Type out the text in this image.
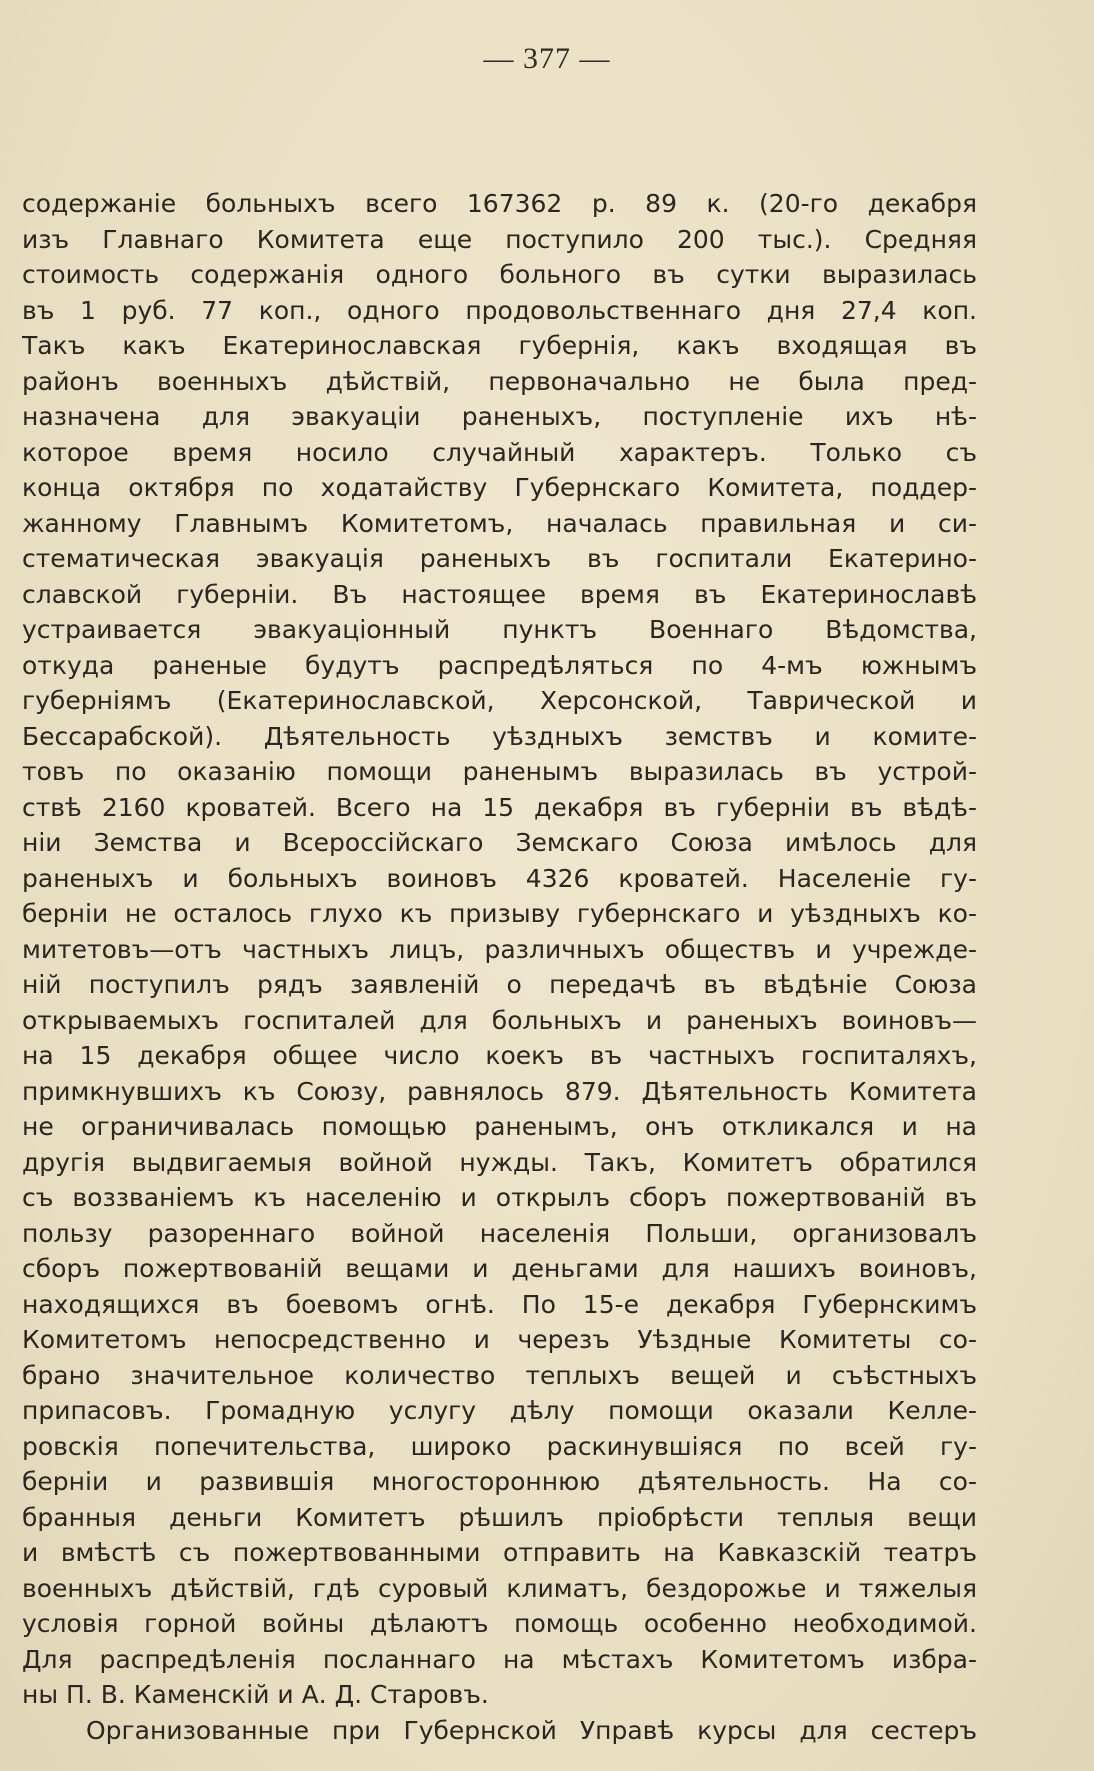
— 377 —
содержаніе больныхъ всего 167362 р. 89 к. (20-го декабря
изъ Главнаго Комитета еще поступило 200 тыс.). Средняя
стоимость содержанія одного больного въ сутки выразилась
въ 1 руб. 77 коп., одного продовольственнаго дня 27,4 коп.
Такъ какъ Екатеринославская губернія, какъ входящая въ
районъ военныхъ дѣйствій, первоначально не была пред-
назначена для эвакуаціи раненыхъ, поступленіе ихъ нѣ-
которое время носило случайный характеръ. Только съ
конца октября по ходатайству Губернскаго Комитета, поддер-
жанному Главнымъ Комитетомъ, началась правильная и си-
стематическая эвакуація раненыхъ въ госпитали Екатерино-
славской губерніи. Въ настоящее время въ Екатеринославѣ
устраивается эвакуаціонный пунктъ Военнаго Вѣдомства,
откуда раненые будутъ распредѣляться по 4-мъ южнымъ
губерніямъ (Екатеринославской, Херсонской, Таврической и
Бессарабской). Дѣятельность уѣздныхъ земствъ и комите-
товъ по оказанію помощи раненымъ выразилась въ устрой-
ствѣ 2160 кроватей. Всего на 15 декабря въ губерніи въ вѣдѣ-
ніи Земства и Всероссійскаго Земскаго Союза имѣлось для
раненыхъ и больныхъ воиновъ 4326 кроватей. Населеніе гу-
берніи не осталось глухо къ призыву губернскаго и уѣздныхъ ко-
митетовъ—отъ частныхъ лицъ, различныхъ обществъ и учрежде-
ній поступилъ рядъ заявленій о передачѣ въ вѣдѣніе Союза
открываемыхъ госпиталей для больныхъ и раненыхъ воиновъ—
на 15 декабря общее число коекъ въ частныхъ госпиталяхъ,
примкнувшихъ къ Союзу, равнялось 879. Дѣятельность Комитета
не ограничивалась помощью раненымъ, онъ откликался и на
другія выдвигаемыя войной нужды. Такъ, Комитетъ обратился
съ воззваніемъ къ населенію и открылъ сборъ пожертвованій въ
пользу разореннаго войной населенія Польши, организовалъ
сборъ пожертвованій вещами и деньгами для нашихъ воиновъ,
находящихся въ боевомъ огнѣ. По 15-е декабря Губернскимъ
Комитетомъ непосредственно и черезъ Уѣздные Комитеты со-
брано значительное количество теплыхъ вещей и съѣстныхъ
припасовъ. Громадную услугу дѣлу помощи оказали Келле-
ровскія попечительства, широко раскинувшіяся по всей гу-
берніи и развившія многостороннюю дѣятельность. На со-
бранныя деньги Комитетъ рѣшилъ пріобрѣсти теплыя вещи
и вмѣстѣ съ пожертвованными отправить на Кавказскій театръ
военныхъ дѣйствій, гдѣ суровый климатъ, бездорожье и тяжелыя
условія горной войны дѣлаютъ помощь особенно необходимой.
Для распредѣленія посланнаго на мѣстахъ Комитетомъ избра-
ны П. В. Каменскій и А. Д. Старовъ.
Организованные при Губернской Управѣ курсы для сестеръ
